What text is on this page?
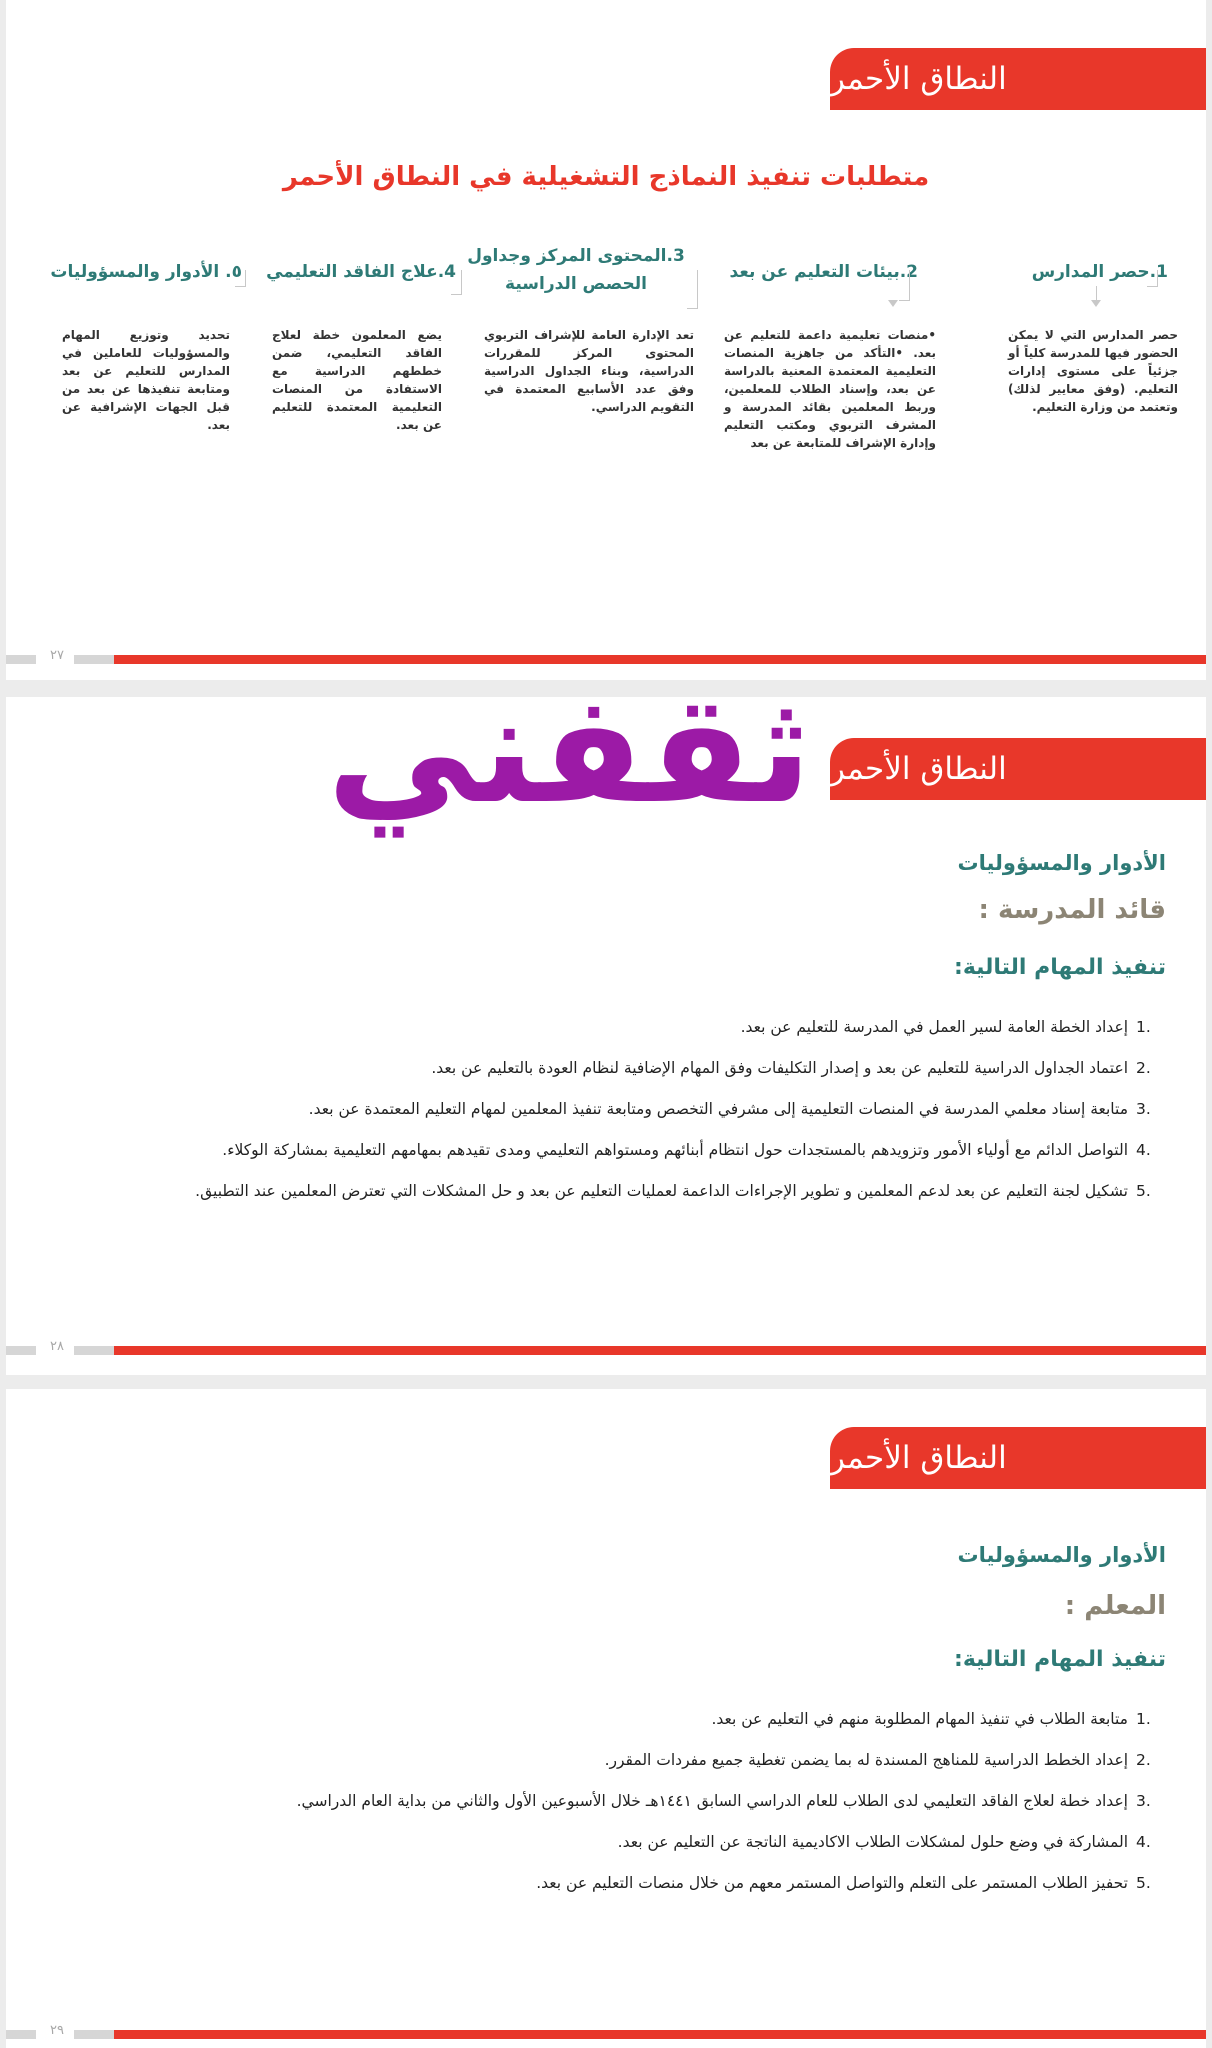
النطاق الأحمر
متطلبات تنفيذ النماذج التشغيلية في النطاق الأحمر
1.حصر المدارس
حصر المدارس التي لا يمكن الحضور فيها للمدرسة كلياً أو جزئياً على مستوى إدارات التعليم. (وفق معايير لذلك) وتعتمد من وزارة التعليم.
2.بيئات التعليم عن بعد
•منصات تعليمية داعمة للتعليم عن بعد. •التأكد من جاهزية المنصات التعليمية المعتمدة المعنية بالدراسة عن بعد، وإسناد الطلاب للمعلمين، وربط المعلمين بقائد المدرسة و المشرف التربوي ومكتب التعليم وإدارة الإشراف للمتابعة عن بعد
3.المحتوى المركز وجداول الحصص الدراسية
تعد الإدارة العامة للإشراف التربوي المحتوى المركز للمقررات الدراسية، وبناء الجداول الدراسية وفق عدد الأسابيع المعتمدة في التقويم الدراسي.
4.علاج الفاقد التعليمي
يضع المعلمون خطة لعلاج الفاقد التعليمي، ضمن خططهم الدراسية مع الاستفادة من المنصات التعليمية المعتمدة للتعليم عن بعد.
٥. الأدوار والمسؤوليات
تحديد وتوزيع المهام والمسؤوليات للعاملين في المدارس للتعليم عن بعد ومتابعة تنفيذها عن بعد من قبل الجهات الإشرافية عن بعد.
٢٧
النطاق الأحمر
الأدوار والمسؤوليات
قائد المدرسة :
تنفيذ المهام التالية:
1.
إعداد الخطة العامة لسير العمل في المدرسة للتعليم عن بعد.
2.
اعتماد الجداول الدراسية للتعليم عن بعد و إصدار التكليفات وفق المهام الإضافية لنظام العودة بالتعليم عن بعد.
3.
متابعة إسناد معلمي المدرسة في المنصات التعليمية إلى مشرفي التخصص ومتابعة تنفيذ المعلمين لمهام التعليم المعتمدة عن بعد.
4.
التواصل الدائم مع أولياء الأمور وتزويدهم بالمستجدات حول انتظام أبنائهم ومستواهم التعليمي ومدى تقيدهم بمهامهم التعليمية بمشاركة الوكلاء.
5.
تشكيل لجنة التعليم عن بعد لدعم المعلمين و تطوير الإجراءات الداعمة لعمليات التعليم عن بعد و حل المشكلات التي تعترض المعلمين عند التطبيق.
٢٨
النطاق الأحمر
الأدوار والمسؤوليات
المعلم :
تنفيذ المهام التالية:
1.
متابعة الطلاب في تنفيذ المهام المطلوبة منهم في التعليم عن بعد.
2.
إعداد الخطط الدراسية للمناهج المسندة له بما يضمن تغطية جميع مفردات المقرر.
3.
إعداد خطة لعلاج الفاقد التعليمي لدى الطلاب للعام الدراسي السابق ١٤٤١هـ خلال الأسبوعين الأول والثاني من بداية العام الدراسي.
4.
المشاركة في وضع حلول لمشكلات الطلاب الاكاديمية الناتجة عن التعليم عن بعد.
5.
تحفيز الطلاب المستمر على التعلم والتواصل المستمر معهم من خلال منصات التعليم عن بعد.
٢٩
ثقفني
